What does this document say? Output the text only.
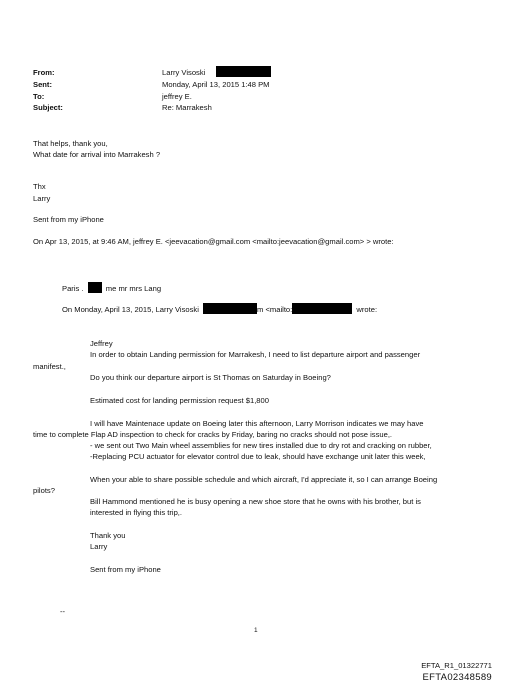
From:	Larry Visoski
Sent:	Monday, April 13, 2015 1:48 PM
To:	jeffrey E.
Subject:	Re: Marrakesh
That helps, thank you,
What date for arrival into Marrakesh ?
Thx
Larry
Sent from my iPhone
On Apr 13, 2015, at 9:46 AM, jeffrey E. <jeevacation@gmail.com <mailto:jeevacation@gmail.com> > wrote:
Paris .	me mr mrs Lang
On Monday, April 13, 2015, Larry Visoski	m <mailto:	wrote:
Jeffrey
In order to obtain Landing permission for Marrakesh, I need to list departure airport and passenger
manifest.,
Do you think our departure airport is St Thomas on Saturday in Boeing?
Estimated cost for landing permission request $1,800
I will have Maintenace update on Boeing later this afternoon, Larry Morrison indicates we may have
time to complete Flap AD inspection to check for cracks by Friday, baring no cracks should not pose issue,.
- we sent out Two Main wheel assemblies for new tires installed due to dry rot and cracking on rubber,
-Replacing PCU actuator for elevator control due to leak, should have exchange unit later this week,
When your able to share possible schedule and which aircraft, I'd appreciate it, so I can arrange Boeing
pilots?
Bill Hammond mentioned he is busy opening a new shoe store that he owns with his brother, but is
interested in flying this trip,.
Thank you
Larry
Sent from my iPhone
--
1
EFTA_R1_01322771
EFTA02348589
